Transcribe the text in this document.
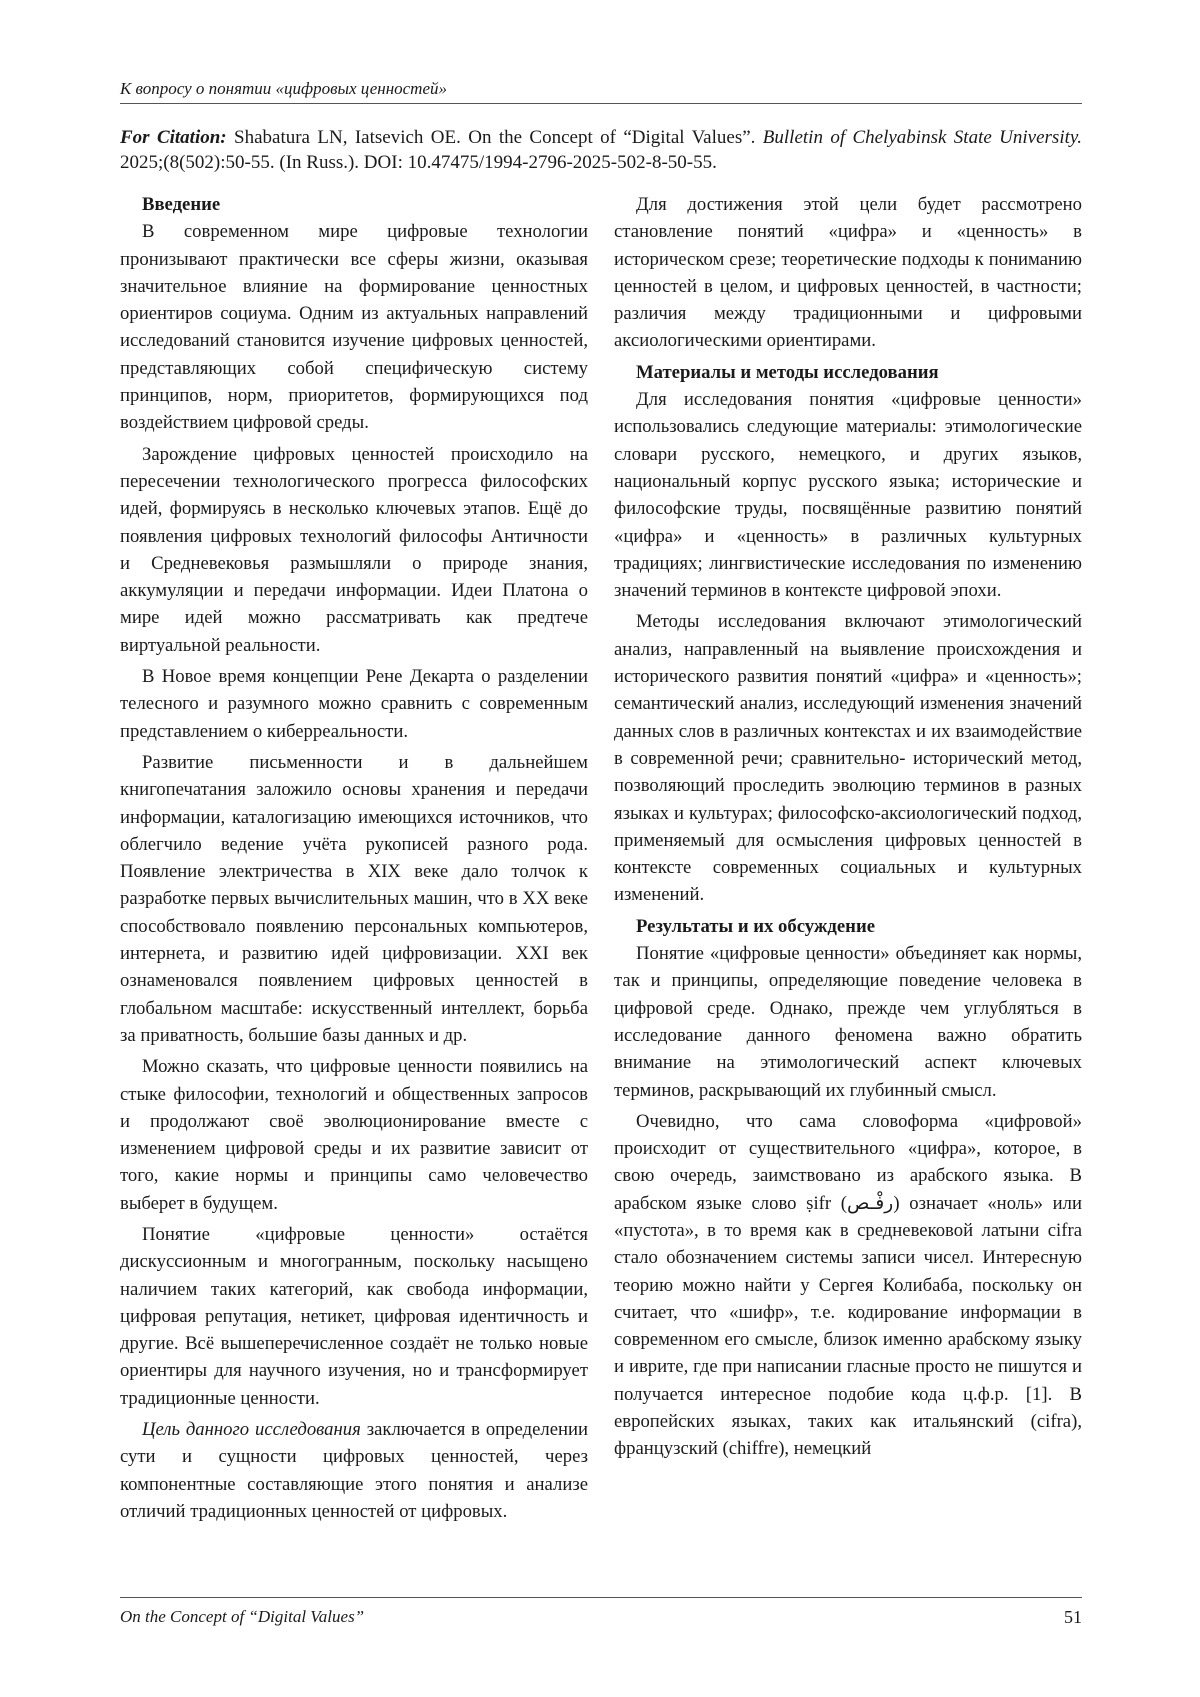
К вопросу о понятии «цифровых ценностей»
For Citation: Shabatura LN, Iatsevich OE. On the Concept of “Digital Values”. Bulletin of Chelyabinsk State University. 2025;(8(502):50-55. (In Russ.). DOI: 10.47475/1994-2796-2025-502-8-50-55.
Введение

В современном мире цифровые технологии пронизывают практически все сферы жизни, оказывая значительное влияние на формирование ценностных ориентиров социума. Одним из актуальных направлений исследований становится изучение цифровых ценностей, представляющих собой специфическую систему принципов, норм, приоритетов, формирующихся под воздействием цифровой среды.

Зарождение цифровых ценностей происходило на пересечении технологического прогресса философских идей, формируясь в несколько ключевых этапов. Ещё до появления цифровых технологий философы Античности и Средневековья размышляли о природе знания, аккумуляции и передачи информации. Идеи Платона о мире идей можно рассматривать как предтече виртуальной реальности.

В Новое время концепции Рене Декарта о разделении телесного и разумного можно сравнить с современным представлением о киберреальности.

Развитие письменности и в дальнейшем книгопечатания заложило основы хранения и передачи информации, каталогизацию имеющихся источников, что облегчило ведение учёта рукописей разного рода. Появление электричества в XIX веке дало толчок к разработке первых вычислительных машин, что в XX веке способствовало появлению персональных компьютеров, интернета, и развитию идей цифровизации. XXI век ознаменовался появлением цифровых ценностей в глобальном масштабе: искусственный интеллект, борьба за приватность, большие базы данных и др.

Можно сказать, что цифровые ценности появились на стыке философии, технологий и общественных запросов и продолжают своё эволюционирование вместе с изменением цифровой среды и их развитие зависит от того, какие нормы и принципы само человечество выберет в будущем.

Понятие «цифровые ценности» остаётся дискуссионным и многогранным, поскольку насыщено наличием таких категорий, как свобода информации, цифровая репутация, нетикет, цифровая идентичность и другие. Всё вышеперечисленное создаёт не только новые ориентиры для научного изучения, но и трансформирует традиционные ценности.

Цель данного исследования заключается в определении сути и сущности цифровых ценностей, через компонентные составляющие этого понятия и анализе отличий традиционных ценностей от цифровых.

Для достижения этой цели будет рассмотрено становление понятий «цифра» и «ценность» в историческом срезе; теоретические подходы к пониманию ценностей в целом, и цифровых ценностей, в частности; различия между традиционными и цифровыми аксиологическими ориентирами.

Материалы и методы исследования

Для исследования понятия «цифровые ценности» использовались следующие материалы: этимологические словари русского, немецкого, и других языков, национальный корпус русского языка; исторические и философские труды, посвящённые развитию понятий «цифра» и «ценность» в различных культурных традициях; лингвистические исследования по изменению значений терминов в контексте цифровой эпохи.

Методы исследования включают этимологический анализ, направленный на выявление происхождения и исторического развития понятий «цифра» и «ценность»; семантический анализ, исследующий изменения значений данных слов в различных контекстах и их взаимодействие в современной речи; сравнительно- исторический метод, позволяющий проследить эволюцию терминов в разных языках и культурах; философско-аксиологический подход, применяемый для осмысления цифровых ценностей в контексте современных социальных и культурных изменений.

Результаты и их обсуждение

Понятие «цифровые ценности» объединяет как нормы, так и принципы, определяющие поведение человека в цифровой среде. Однако, прежде чем углубляться в исследование данного феномена важно обратить внимание на этимологический аспект ключевых терминов, раскрывающий их глубинный смысл.

Очевидно, что сама словоформа «цифровой» происходит от существительного «цифра», которое, в свою очередь, заимствовано из арабского языка. В арабском языке слово ṣifr (رفْـص) означает «ноль» или «пустота», в то время как в средневековой латыни cifra стало обозначением системы записи чисел. Интересную теорию можно найти у Сергея Колибаба, поскольку он считает, что «шифр», т.е. кодирование информации в современном его смысле, близок именно арабскому языку и иврите, где при написании гласные просто не пишутся и получается интересное подобие кода ц.ф.р. [1]. В европейских языках, таких как итальянский (cifra), французский (chiffre), немецкий

On the Concept of “Digital Values”	51
